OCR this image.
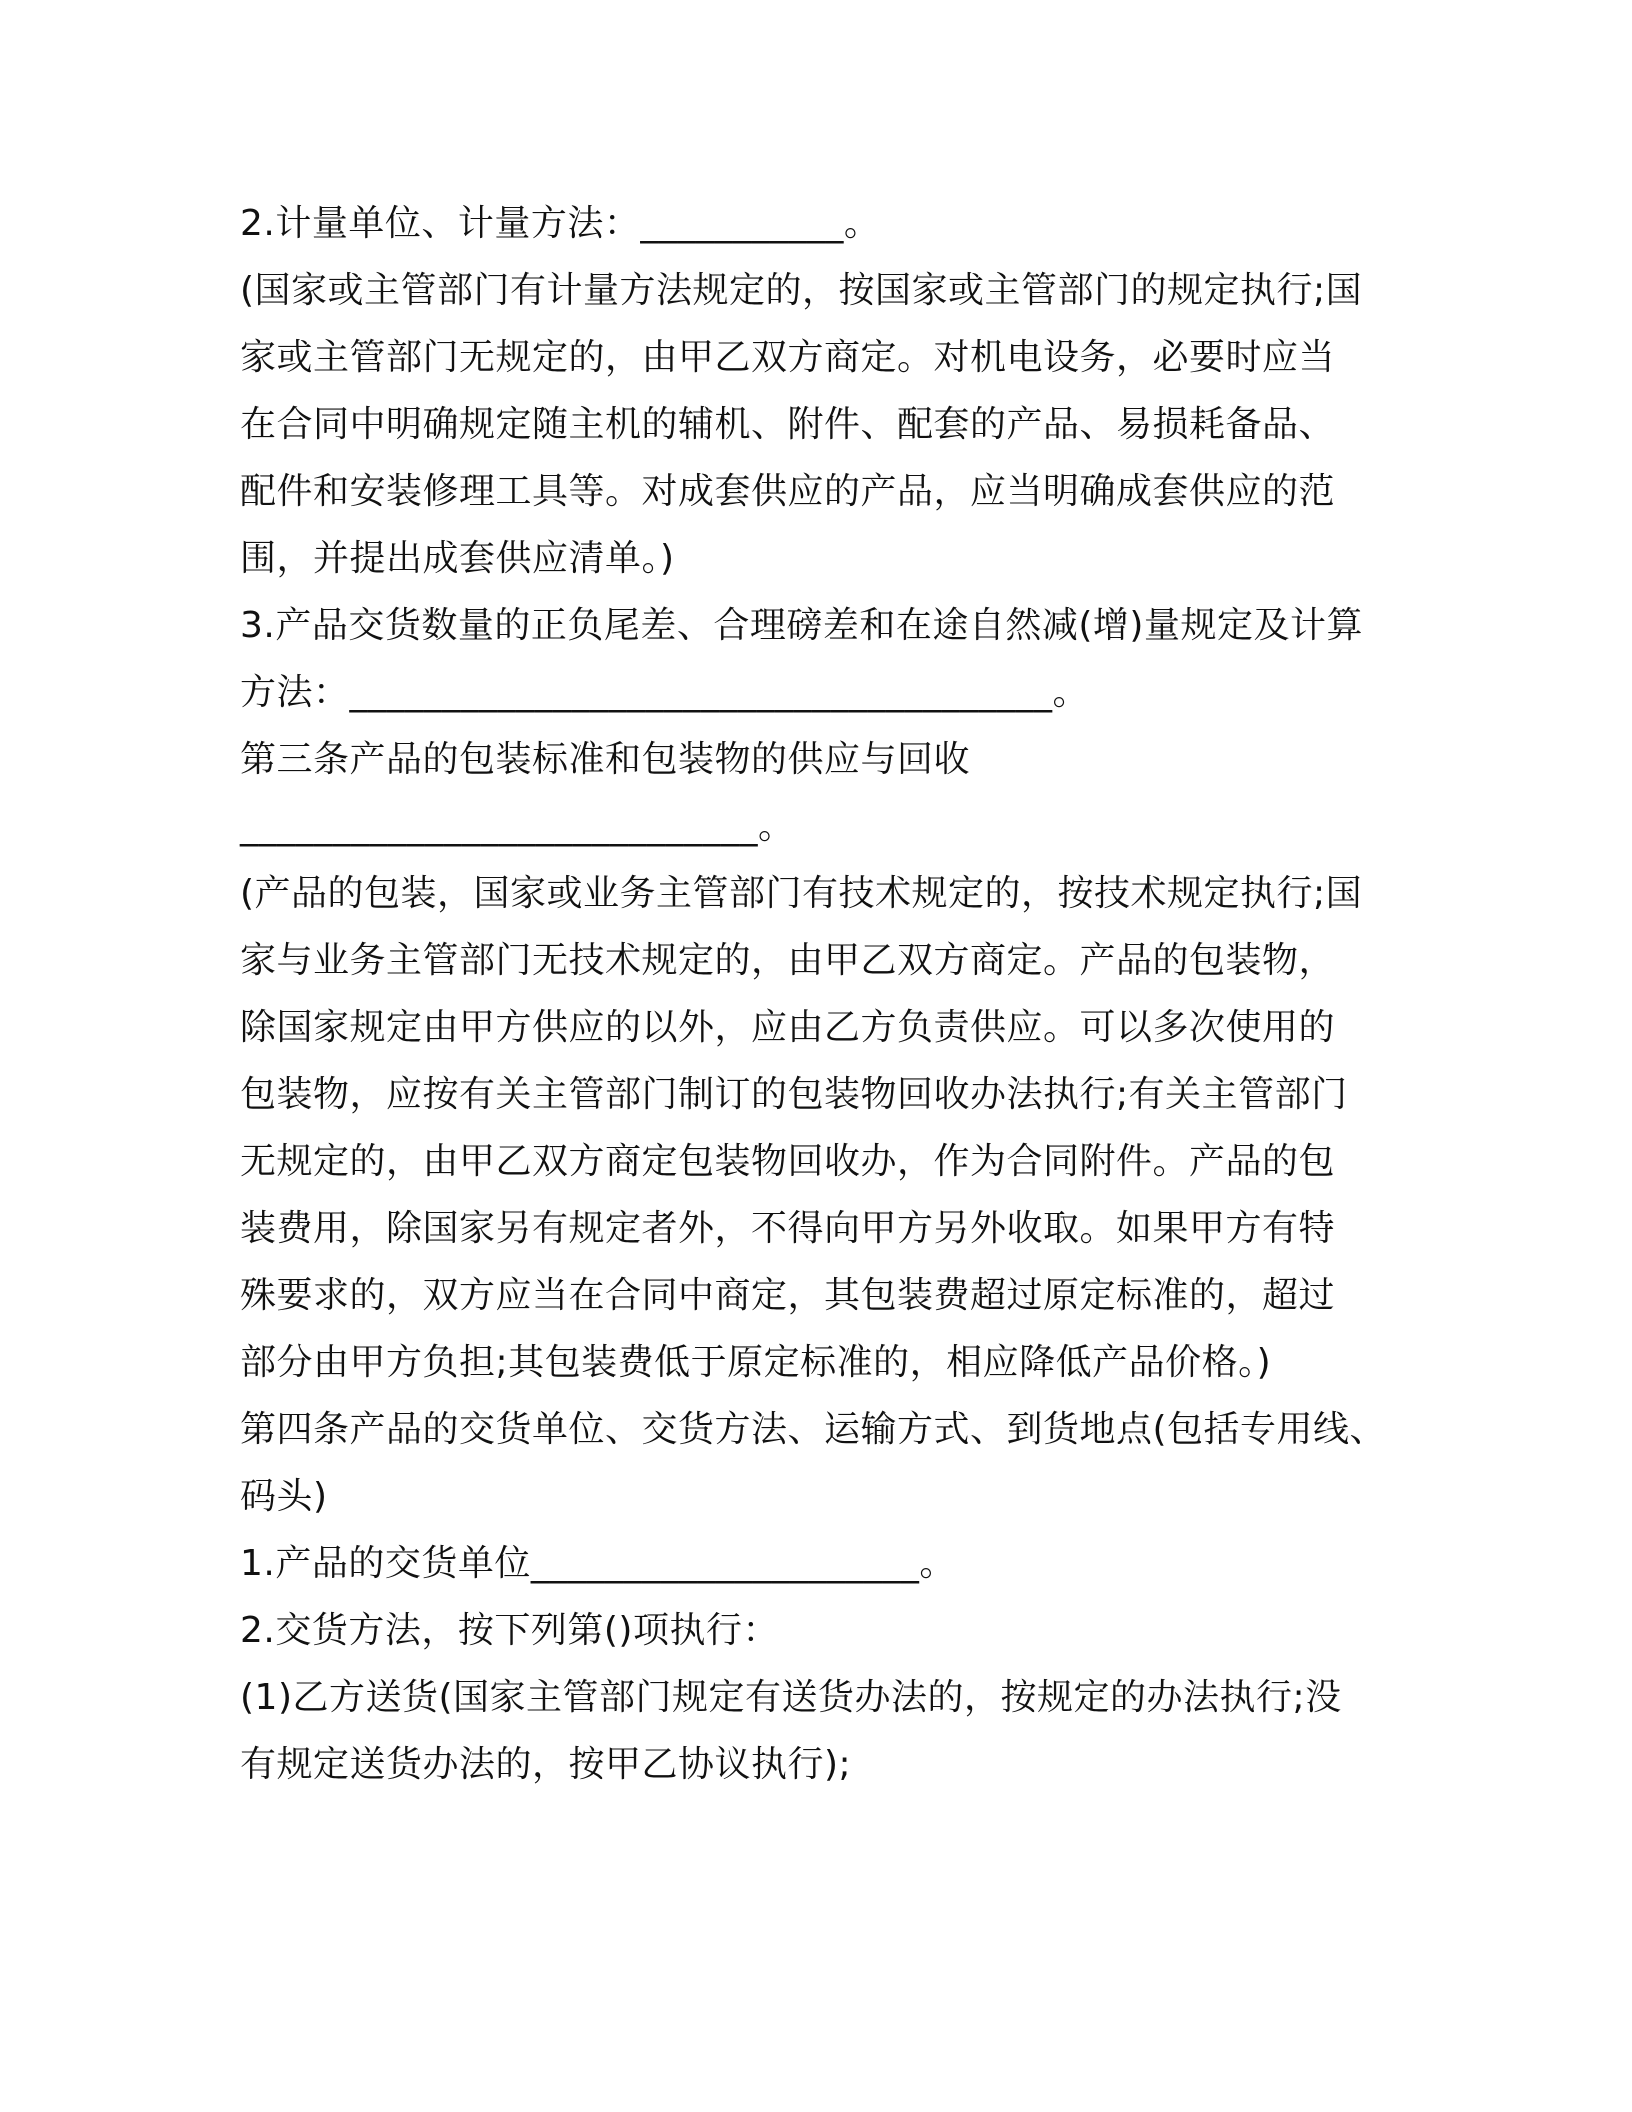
2.计量单位、计量方法：___________。
(国家或主管部门有计量方法规定的，按国家或主管部门的规定执行;国
家或主管部门无规定的，由甲乙双方商定。对机电设务，必要时应当
在合同中明确规定随主机的辅机、附件、配套的产品、易损耗备品、
配件和安装修理工具等。对成套供应的产品，应当明确成套供应的范
围，并提出成套供应清单。)
3.产品交货数量的正负尾差、合理磅差和在途自然减(增)量规定及计算
方法：______________________________________。
第三条产品的包装标准和包装物的供应与回收
____________________________。
(产品的包装，国家或业务主管部门有技术规定的，按技术规定执行;国
家与业务主管部门无技术规定的，由甲乙双方商定。产品的包装物，
除国家规定由甲方供应的以外，应由乙方负责供应。可以多次使用的
包装物，应按有关主管部门制订的包装物回收办法执行;有关主管部门
无规定的，由甲乙双方商定包装物回收办，作为合同附件。产品的包
装费用，除国家另有规定者外，不得向甲方另外收取。如果甲方有特
殊要求的，双方应当在合同中商定，其包装费超过原定标准的，超过
部分由甲方负担;其包装费低于原定标准的，相应降低产品价格。)
第四条产品的交货单位、交货方法、运输方式、到货地点(包括专用线、
码头)
1.产品的交货单位_____________________。
2.交货方法，按下列第()项执行：
(1)乙方送货(国家主管部门规定有送货办法的，按规定的办法执行;没
有规定送货办法的，按甲乙协议执行);
